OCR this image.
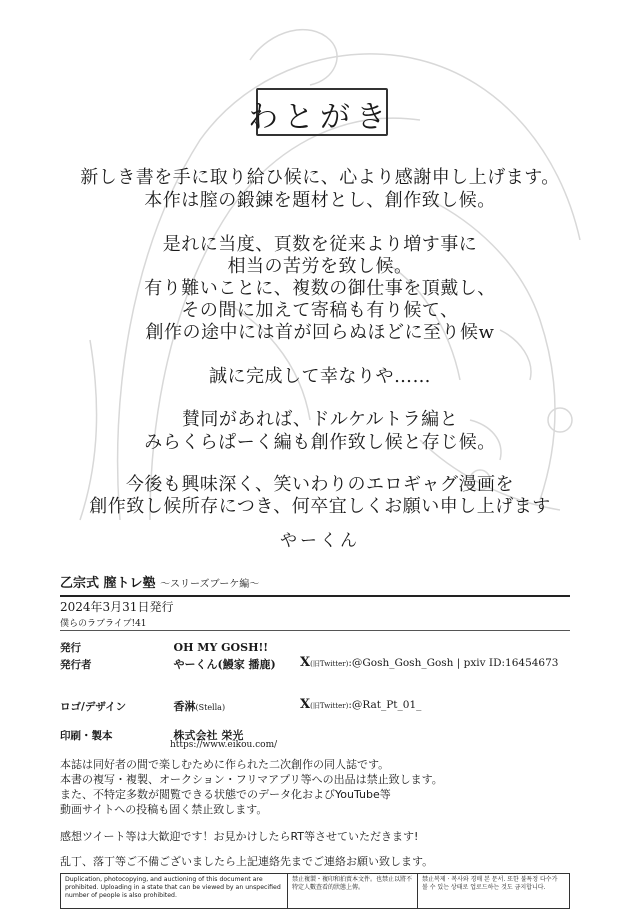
わとがき
新しき書を手に取り給ひ候に、心より感謝申し上げます。
本作は膣の鍛錬を題材とし、創作致し候。
是れに当度、頁数を従来より増す事に
相当の苦労を致し候。
有り難いことに、複数の御仕事を頂戴し、
その間に加えて寄稿も有り候て、
創作の途中には首が回らぬほどに至り候w
誠に完成して幸なりや……
賛同があれば、ドルケルトラ編と
みらくらぱーく編も創作致し候と存じ候。
今後も興味深く、笑いわりのエロギャグ漫画を
創作致し候所存につき、何卒宜しくお願い申し上げます
やーくん
乙宗式 膣トレ塾 〜スリーズブーケ編〜
2024年3月31日発行
僕らのラブライブ!41
発行	OH MY GOSH!!
発行者	やーくん(鰻家 播鹿) X(旧Twitter):@Gosh_Gosh_Gosh | pxiv ID:16454673
ロゴ/デザイン	香淋(Stella)	X(旧Twitter):@Rat_Pt_01_
印刷・製本	株式会社 栄光
https://www.eikou.com/

本誌は同好者の間で楽しむために作られた二次創作の同人誌です。

本書の複写・複製、オークション・フリマアプリ等への出品は禁止致します。

また、不特定多数が閲覧できる状態でのデータ化およびYouTube等

動画サイトへの投稿も固く禁止致します。

感想ツイート等は大歓迎です！お見かけしたらRT等させていただきます!
乱丁、落丁等ご不備ございましたら上記連絡先までご連絡お願い致します。
Duplication, photocopying, and auctioning of this document are prohibited. Uploading in a state that can be viewed by an unspecified number of people is also prohibited.
禁止複製・複印和拍賣本文件。也禁止以將不特定人數查看的狀態上傳。
禁止복제 · 복사와 경매 본 문서. 또한 불특정 다수가 볼 수 있는 상태로 업로드하는 것도 금지합니다.
